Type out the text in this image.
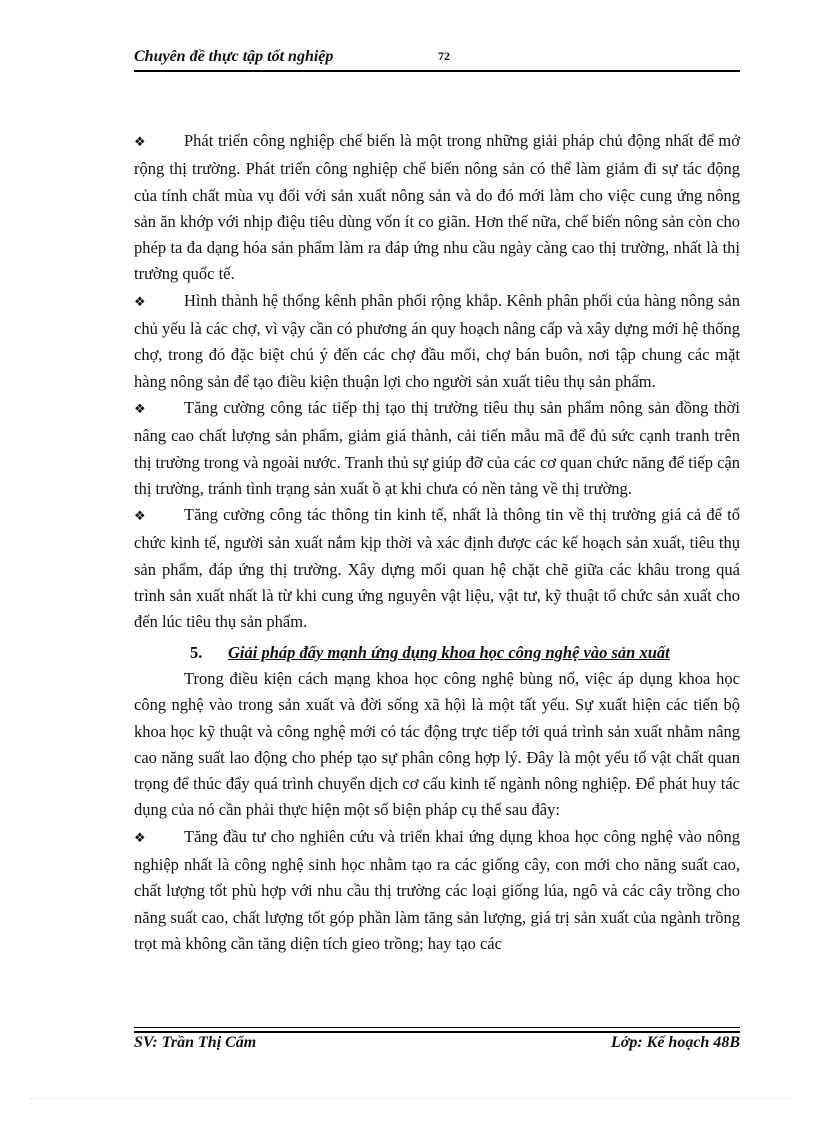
Chuyên đề thực tập tốt nghiệp	72

❖ Phát triển công nghiệp chế biến là một trong những giải pháp chủ động nhất để mở rộng thị trường. Phát triển công nghiệp chế biến nông sản có thể làm giảm đi sự tác động của tính chất mùa vụ đối với sản xuất nông sản và do đó mới làm cho việc cung ứng nông sản ăn khớp với nhịp điệu tiêu dùng vốn ít co giãn. Hơn thế nữa, chế biến nông sản còn cho phép ta đa dạng hóa sản phẩm làm ra đáp ứng nhu cầu ngày càng cao thị trường, nhất là thị trường quốc tế.

❖ Hình thành hệ thống kênh phân phối rộng khắp. Kênh phân phối của hàng nông sản chủ yếu là các chợ, vì vậy cần có phương án quy hoạch nâng cấp và xây dựng mới hệ thống chợ, trong đó đặc biệt chú ý đến các chợ đầu mối, chợ bán buôn, nơi tập chung các mặt hàng nông sản để tạo điều kiện thuận lợi cho người sản xuất tiêu thụ sản phẩm.

❖ Tăng cường công tác tiếp thị tạo thị trường tiêu thụ sản phẩm nông sản đồng thời nâng cao chất lượng sản phẩm, giảm giá thành, cải tiến mẫu mã để đủ sức cạnh tranh trên thị trường trong và ngoài nước. Tranh thủ sự giúp đỡ của các cơ quan chức năng để tiếp cận thị trường, tránh tình trạng sản xuất ồ ạt khi chưa có nền tảng về thị trường.

❖ Tăng cường công tác thông tin kinh tế, nhất là thông tin về thị trường giá cả để tổ chức kinh tế, người sản xuất nắm kịp thời và xác định được các kế hoạch sản xuất, tiêu thụ sản phẩm, đáp ứng thị trường. Xây dựng mối quan hệ chặt chẽ giữa các khâu trong quá trình sản xuất nhất là từ khi cung ứng nguyên vật liệu, vật tư, kỹ thuật tổ chức sản xuất cho đến lúc tiêu thụ sản phẩm.

5. Giải pháp đẩy mạnh ứng dụng khoa học công nghệ vào sản xuất

Trong điều kiện cách mạng khoa học công nghệ bùng nổ, việc áp dụng khoa học công nghệ vào trong sản xuất và đời sống xã hội là một tất yếu. Sự xuất hiện các tiến bộ khoa học kỹ thuật và công nghệ mới có tác động trực tiếp tới quá trình sản xuất nhằm nâng cao năng suất lao động cho phép tạo sự phân công hợp lý. Đây là một yếu tố vật chất quan trọng để thúc đẩy quá trình chuyển dịch cơ cấu kinh tế ngành nông nghiệp. Để phát huy tác dụng của nó cần phải thực hiện một số biện pháp cụ thể sau đây:

❖ Tăng đầu tư cho nghiên cứu và triển khai ứng dụng khoa học công nghệ vào nông nghiệp nhất là công nghệ sinh học nhằm tạo ra các giống cây, con mới cho năng suất cao, chất lượng tốt phù hợp với nhu cầu thị trường các loại giống lúa, ngô và các cây trồng cho năng suất cao, chất lượng tốt góp phần làm tăng sản lượng, giá trị sản xuất của ngành trồng trọt mà không cần tăng diện tích gieo trồng; hay tạo các

SV: Trần Thị Cẩm	Lớp: Kế hoạch 48B
